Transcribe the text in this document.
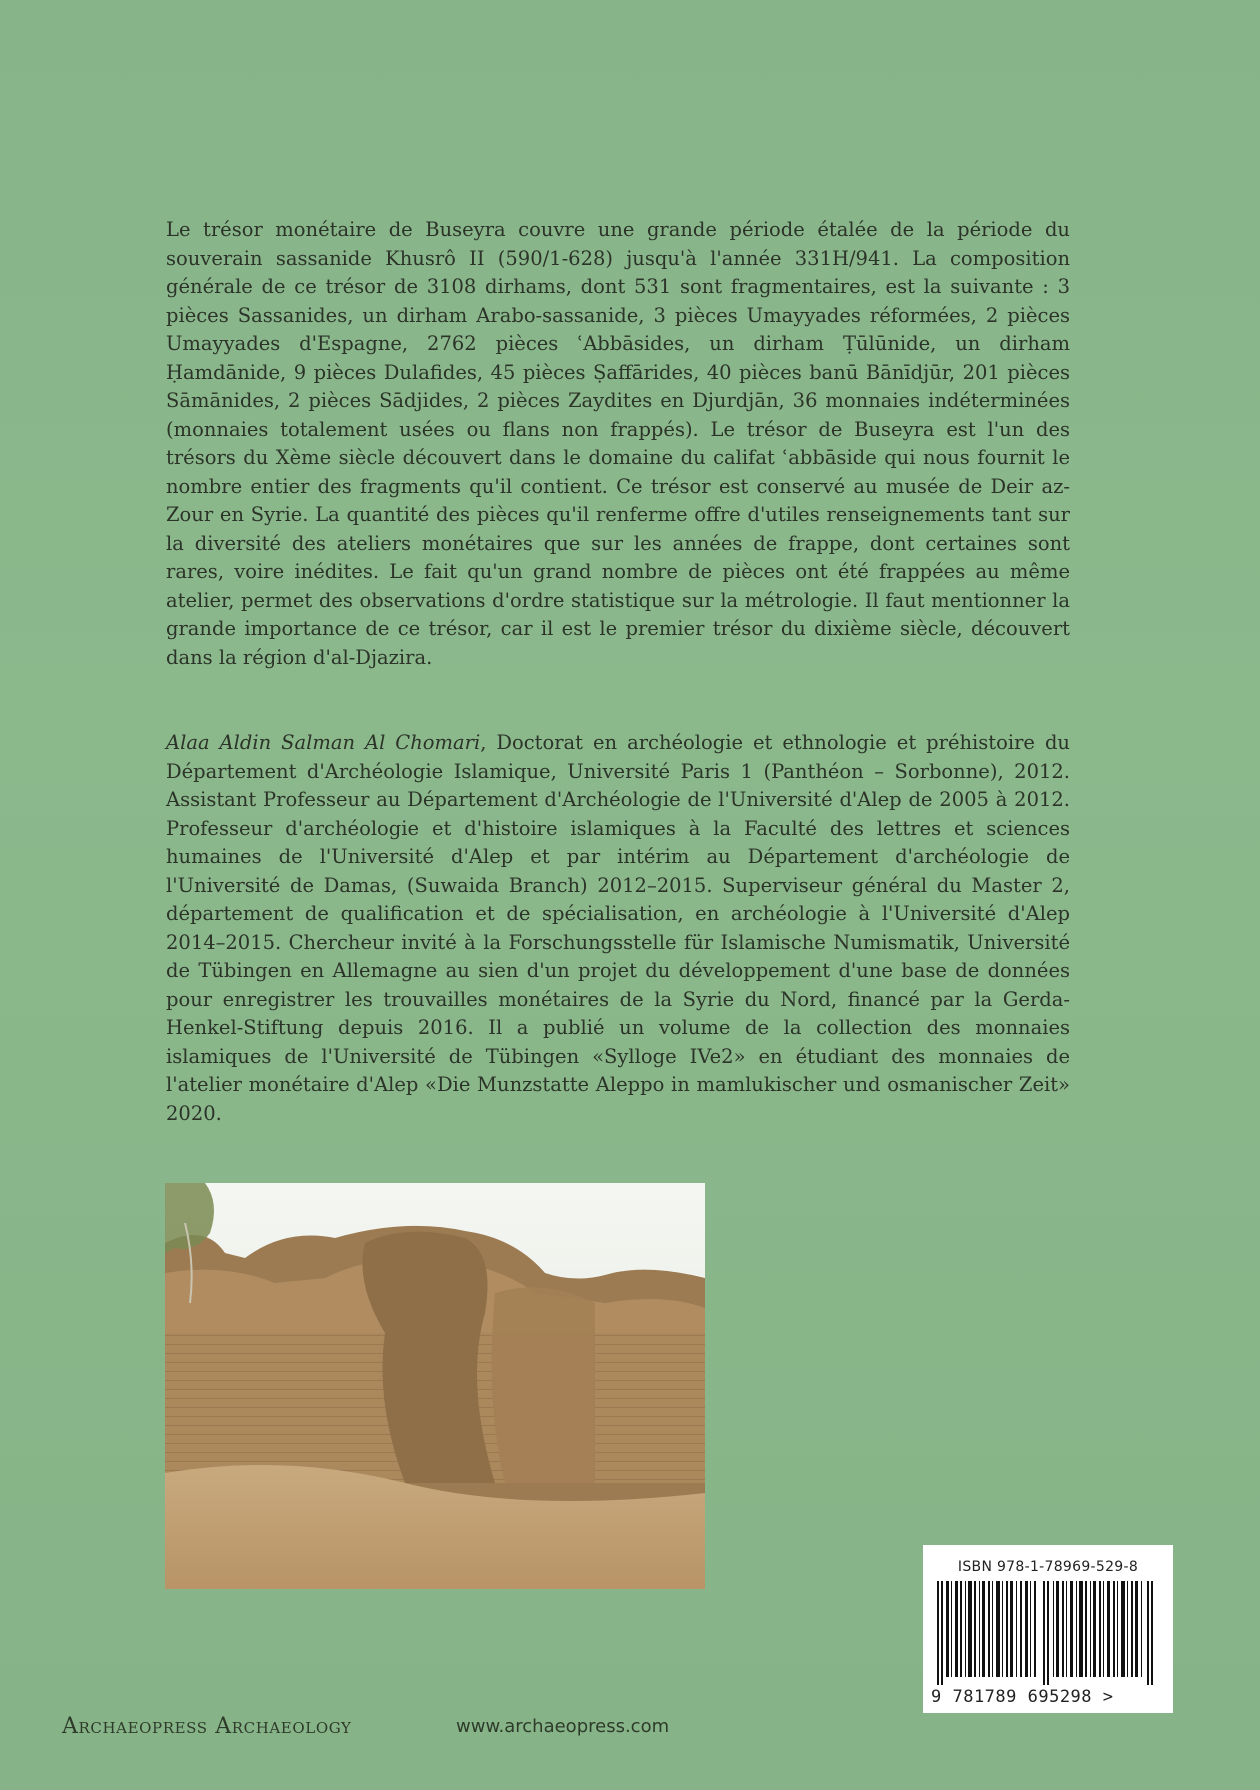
Le trésor monétaire de Buseyra couvre une grande période étalée de la période du souverain sassanide Khusrô II (590/1-628) jusqu'à l'année 331H/941. La composition générale de ce trésor de 3108 dirhams, dont 531 sont fragmentaires, est la suivante : 3 pièces Sassanides, un dirham Arabo-sassanide, 3 pièces Umayyades réformées, 2 pièces Umayyades d'Espagne, 2762 pièces ʿAbbāsides, un dirham Ṭūlūnide, un dirham Ḥamdānide, 9 pièces Dulafides, 45 pièces Ṣaffārides, 40 pièces banū Bānīdjūr, 201 pièces Sāmānides, 2 pièces Sādjides, 2 pièces Zaydites en Djurdjān, 36 monnaies indéterminées (monnaies totalement usées ou flans non frappés). Le trésor de Buseyra est l'un des trésors du Xème siècle découvert dans le domaine du califat ʿabbāside qui nous fournit le nombre entier des fragments qu'il contient. Ce trésor est conservé au musée de Deir az-Zour en Syrie. La quantité des pièces qu'il renferme offre d'utiles renseignements tant sur la diversité des ateliers monétaires que sur les années de frappe, dont certaines sont rares, voire inédites. Le fait qu'un grand nombre de pièces ont été frappées au même atelier, permet des observations d'ordre statistique sur la métrologie. Il faut mentionner la grande importance de ce trésor, car il est le premier trésor du dixième siècle, découvert dans la région d'al-Djazira.

Alaa Aldin Salman Al Chomari, Doctorat en archéologie et ethnologie et préhistoire du Département d'Archéologie Islamique, Université Paris 1 (Panthéon – Sorbonne), 2012. Assistant Professeur au Département d'Archéologie de l'Université d'Alep de 2005 à 2012. Professeur d'archéologie et d'histoire islamiques à la Faculté des lettres et sciences humaines de l'Université d'Alep et par intérim au Département d'archéologie de l'Université de Damas, (Suwaida Branch) 2012–2015. Superviseur général du Master 2, département de qualification et de spécialisation, en archéologie à l'Université d'Alep 2014–2015. Chercheur invité à la Forschungsstelle für Islamische Numismatik, Université de Tübingen en Allemagne au sien d'un projet du développement d'une base de données pour enregistrer les trouvailles monétaires de la Syrie du Nord, financé par la Gerda-Henkel-Stiftung depuis 2016. Il a publié un volume de la collection des monnaies islamiques de l'Université de Tübingen «Sylloge IVe2» en étudiant des monnaies de l'atelier monétaire d'Alep «Die Munzstatte Aleppo in mamlukischer und osmanischer Zeit» 2020.

ISBN 978-1-78969-529-8
9 781789 695298 >
Archaeopress Archaeology	www.archaeopress.com
